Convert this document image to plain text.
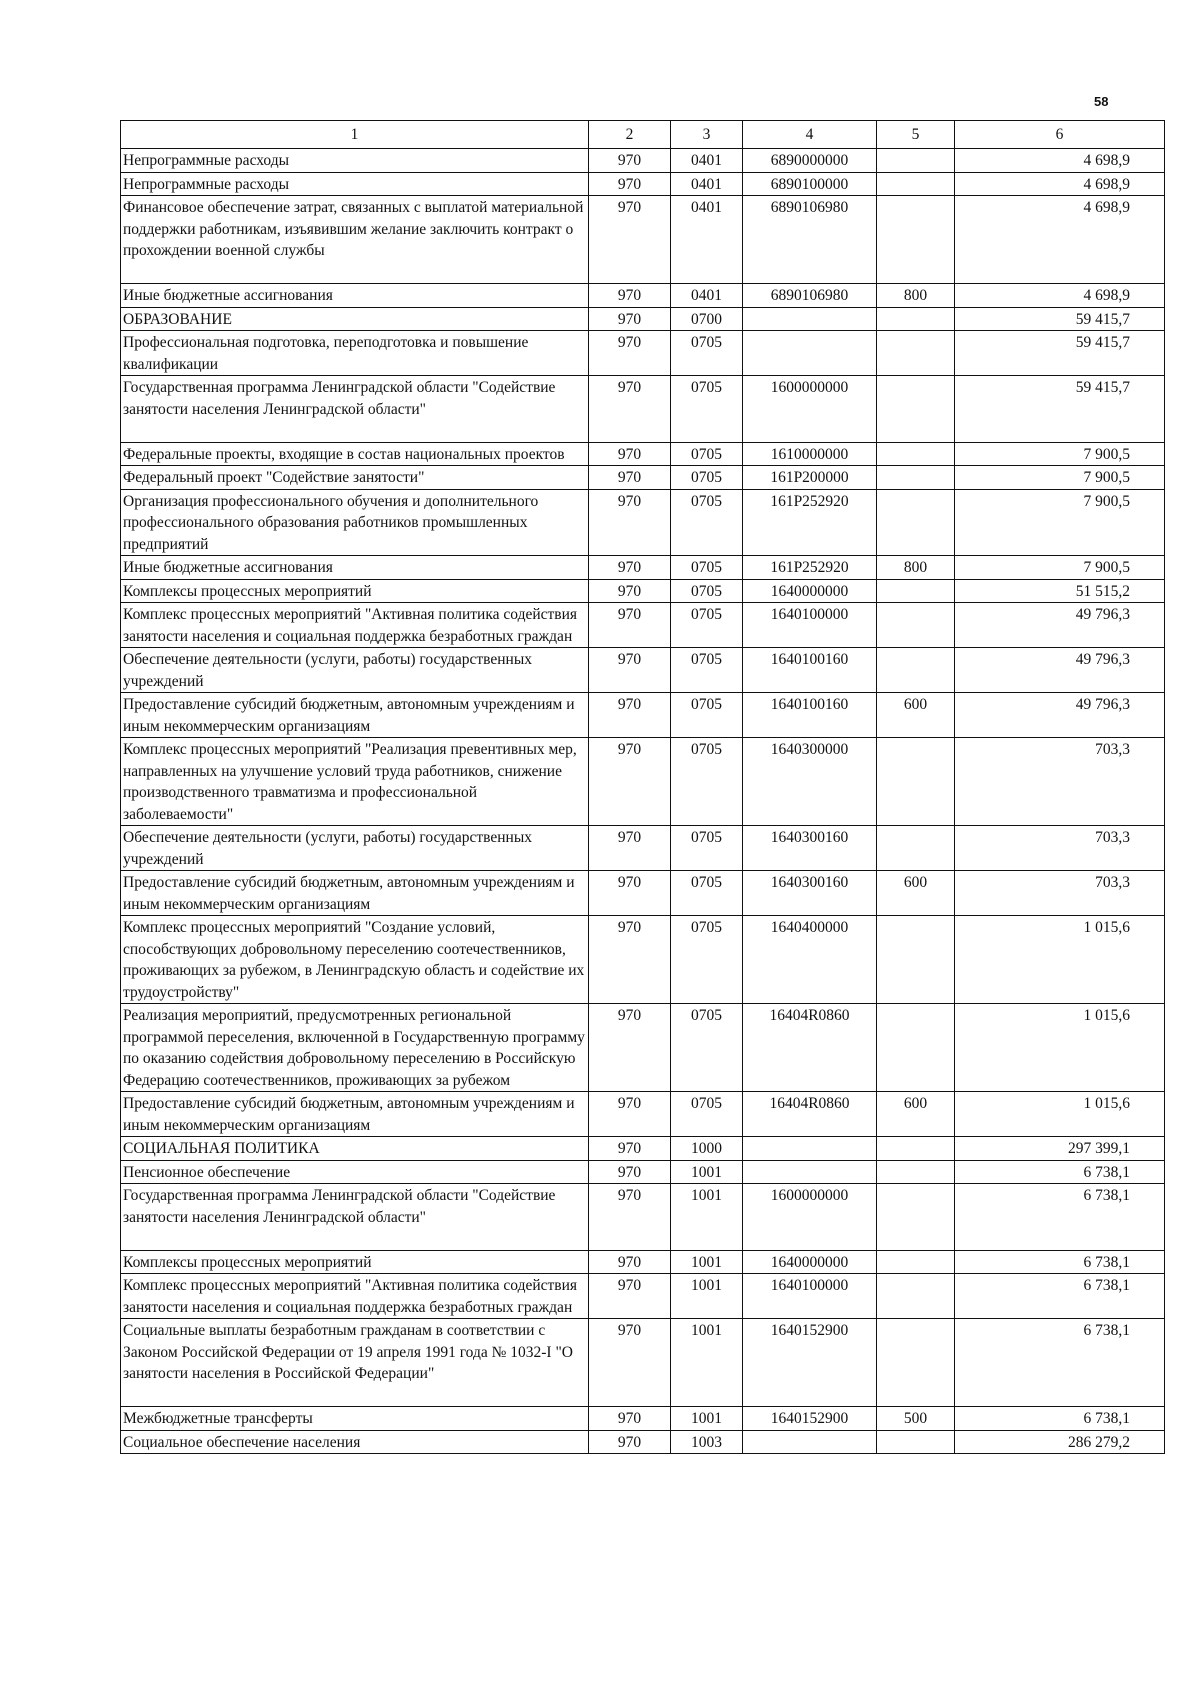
58
1	2	3	4	5	6
Непрограммные расходы	970	0401	6890000000		4 698,9
Непрограммные расходы	970	0401	6890100000		4 698,9
Финансовое обеспечение затрат, связанных с выплатой материальной поддержки работникам, изъявившим желание заключить контракт о прохождении военной службы	970	0401	6890106980		4 698,9
Иные бюджетные ассигнования	970	0401	6890106980	800	4 698,9
ОБРАЗОВАНИЕ	970	0700			59 415,7
Профессиональная подготовка, переподготовка и повышение квалификации	970	0705			59 415,7
Государственная программа Ленинградской области "Содействие занятости населения Ленинградской области"	970	0705	1600000000		59 415,7
Федеральные проекты, входящие в состав национальных проектов	970	0705	1610000000		7 900,5
Федеральный проект "Содействие занятости"	970	0705	161P200000		7 900,5
Организация профессионального обучения и дополнительного профессионального образования работников промышленных предприятий	970	0705	161P252920		7 900,5
Иные бюджетные ассигнования	970	0705	161P252920	800	7 900,5
Комплексы процессных мероприятий	970	0705	1640000000		51 515,2
Комплекс процессных мероприятий "Активная политика содействия занятости населения и социальная поддержка безработных граждан	970	0705	1640100000		49 796,3
Обеспечение деятельности (услуги, работы) государственных учреждений	970	0705	1640100160		49 796,3
Предоставление субсидий бюджетным, автономным учреждениям и иным некоммерческим организациям	970	0705	1640100160	600	49 796,3
Комплекс процессных мероприятий "Реализация превентивных мер, направленных на улучшение условий труда работников, снижение производственного травматизма и профессиональной заболеваемости"	970	0705	1640300000		703,3
Обеспечение деятельности (услуги, работы) государственных учреждений	970	0705	1640300160		703,3
Предоставление субсидий бюджетным, автономным учреждениям и иным некоммерческим организациям	970	0705	1640300160	600	703,3
Комплекс процессных мероприятий "Создание условий, способствующих добровольному переселению соотечественников, проживающих за рубежом, в Ленинградскую область и содействие их трудоустройству"	970	0705	1640400000		1 015,6
Реализация мероприятий, предусмотренных региональной программой переселения, включенной в Государственную программу по оказанию содействия добровольному переселению в Российскую Федерацию соотечественников, проживающих за рубежом	970	0705	16404R0860		1 015,6
Предоставление субсидий бюджетным, автономным учреждениям и иным некоммерческим организациям	970	0705	16404R0860	600	1 015,6
СОЦИАЛЬНАЯ ПОЛИТИКА	970	1000			297 399,1
Пенсионное обеспечение	970	1001			6 738,1
Государственная программа Ленинградской области "Содействие занятости населения Ленинградской области"	970	1001	1600000000		6 738,1
Комплексы процессных мероприятий	970	1001	1640000000		6 738,1
Комплекс процессных мероприятий "Активная политика содействия занятости населения и социальная поддержка безработных граждан	970	1001	1640100000		6 738,1
Социальные выплаты безработным гражданам в соответствии с Законом Российской Федерации от 19 апреля 1991 года № 1032-I "О занятости населения в Российской Федерации"	970	1001	1640152900		6 738,1
Межбюджетные трансферты	970	1001	1640152900	500	6 738,1
Социальное обеспечение населения	970	1003			286 279,2
